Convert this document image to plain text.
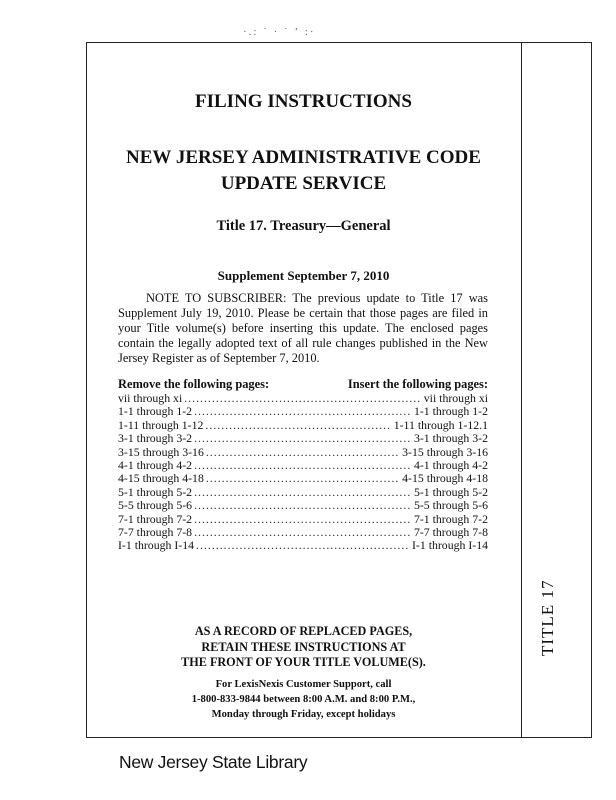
·.: ˙ · ˙ ʼ :·
TITLE 17
FILING INSTRUCTIONS
NEW JERSEY ADMINISTRATIVE CODE
UPDATE SERVICE
Title 17. Treasury—General
Supplement September 7, 2010

NOTE TO SUBSCRIBER: The previous update to Title 17 was Supplement July 19, 2010. Please be certain that those pages are filed in your Title volume(s) before inserting this update. The enclosed pages contain the legally adopted text of all rule changes published in the New Jersey Register as of September 7, 2010.

Remove the following pages:	Insert the following pages:
vii through xi .....	vii through xi
1-1 through 1-2 .....	1-1 through 1-2
1-11 through 1-12 .....	1-11 through 1-12.1
3-1 through 3-2 .....	3-1 through 3-2
3-15 through 3-16 .....	3-15 through 3-16
4-1 through 4-2 .....	4-1 through 4-2
4-15 through 4-18 .....	4-15 through 4-18
5-1 through 5-2 .....	5-1 through 5-2
5-5 through 5-6 .....	5-5 through 5-6
7-1 through 7-2 .....	7-1 through 7-2
7-7 through 7-8 .....	7-7 through 7-8
I-1 through I-14 .....	I-1 through I-14
AS A RECORD OF REPLACED PAGES,
RETAIN THESE INSTRUCTIONS AT
THE FRONT OF YOUR TITLE VOLUME(S).
For LexisNexis Customer Support, call
1-800-833-9844 between 8:00 A.M. and 8:00 P.M.,
Monday through Friday, except holidays
New Jersey State Library
